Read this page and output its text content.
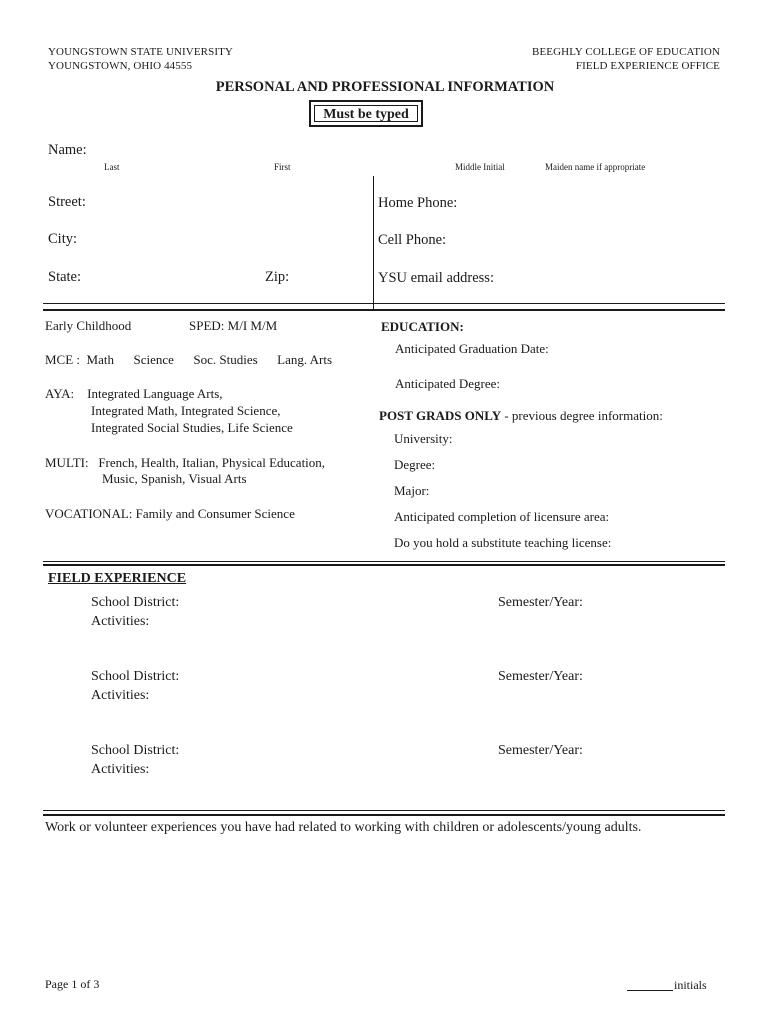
YOUNGSTOWN STATE UNIVERSITY
YOUNGSTOWN, OHIO 44555
BEEGHLY COLLEGE OF EDUCATION
FIELD EXPERIENCE OFFICE
PERSONAL AND PROFESSIONAL INFORMATION
Must be typed
Name:
Last	First	Middle Initial	Maiden name if appropriate
Street:
City:
State:	Zip:
Home Phone:
Cell Phone:
YSU email address:
Early Childhood	SPED: M/I M/M
MCE :  Math      Science      Soc. Studies      Lang. Arts
AYA:    Integrated Language Arts,
Integrated Math, Integrated Science,
Integrated Social Studies, Life Science
MULTI:   French, Health, Italian, Physical Education,
Music, Spanish, Visual Arts
VOCATIONAL: Family and Consumer Science
EDUCATION:
Anticipated Graduation Date:
Anticipated Degree:
POST GRADS ONLY - previous degree information:
University:
Degree:
Major:
Anticipated completion of licensure area:
Do you hold a substitute teaching license:
FIELD EXPERIENCE
School District:
Activities:
Semester/Year:
School District:
Activities:
Semester/Year:
School District:
Activities:
Semester/Year:
Work or volunteer experiences you have had related to working with children or adolescents/young adults.
Page 1 of 3	initials
